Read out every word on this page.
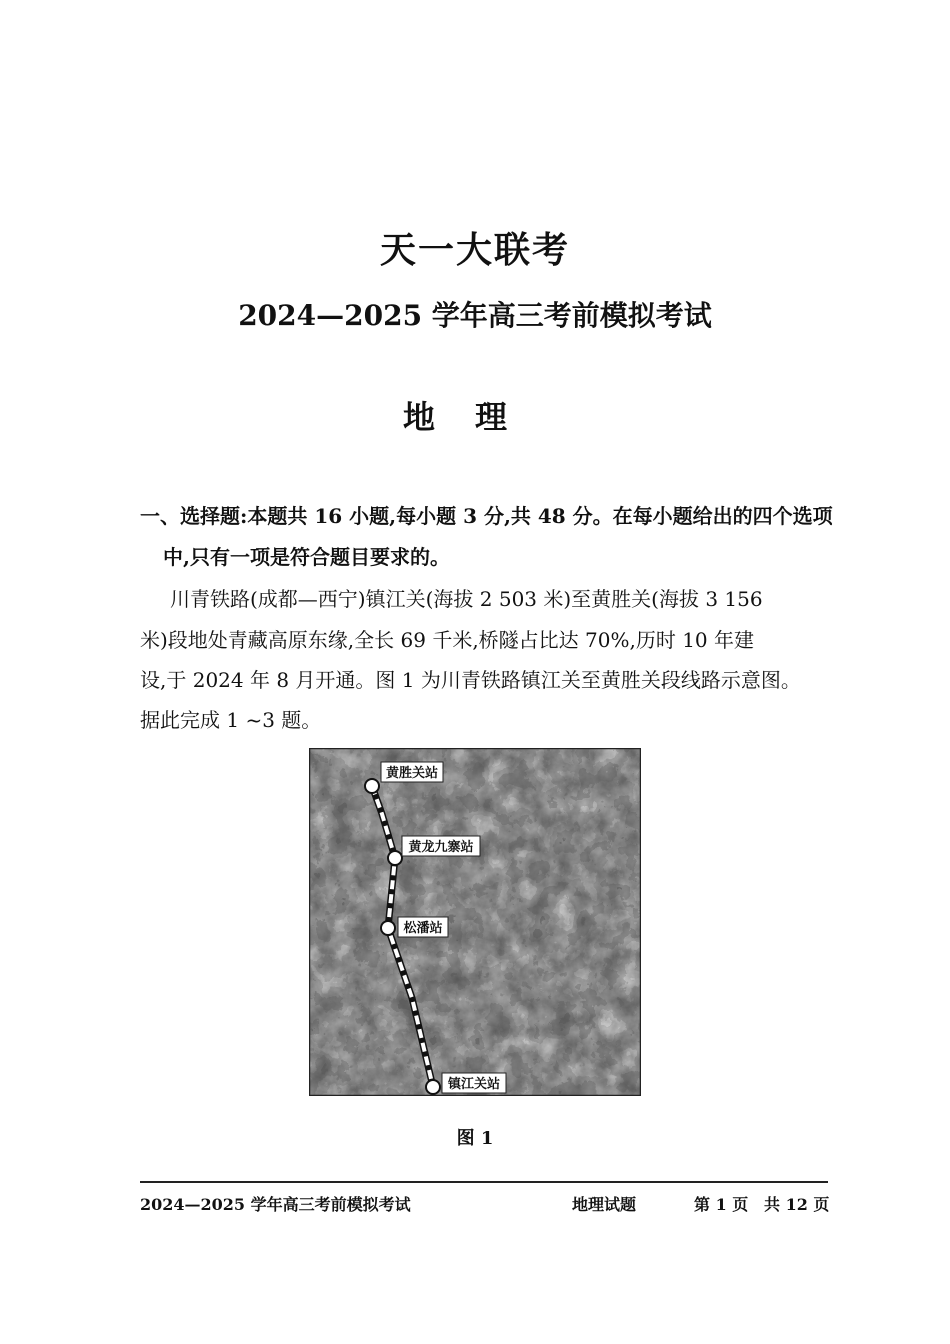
天一大联考
2024—2025 学年高三考前模拟考试
地理
一、选择题:本题共 16 小题,每小题 3 分,共 48 分。在每小题给出的四个选项
中,只有一项是符合题目要求的。
川青铁路(成都—西宁)镇江关(海拔 2 503 米)至黄胜关(海拔 3 156
米)段地处青藏高原东缘,全长 69 千米,桥隧占比达 70%,历时 10 年建
设,于 2024 年 8 月开通。图 1 为川青铁路镇江关至黄胜关段线路示意图。
据此完成 1 ~3 题。
黄胜关站
黄龙九寨站
松潘站
镇江关站
图 1
2024—2025 学年高三考前模拟考试	地理试题	第 1 页 共 12 页
